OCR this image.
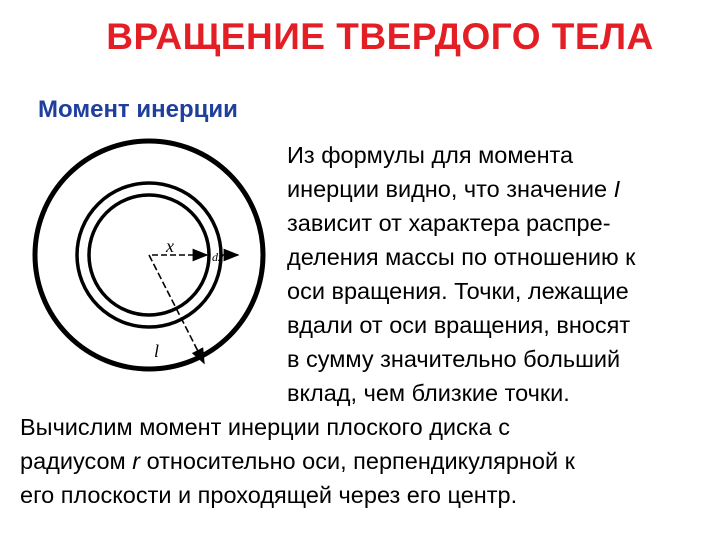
ВРАЩЕНИЕ ТВЕРДОГО ТЕЛА
Момент инерции
x
dx
l
Из формулы для момента
инерции видно, что значение I
зависит от характера распре-
деления массы по отношению к
оси вращения. Точки, лежащие
вдали от оси вращения, вносят
в сумму значительно больший
вклад, чем близкие точки.
Вычислим момент инерции плоского диска с
радиусом r относительно оси, перпендикулярной к
его плоскости и проходящей через его центр.
